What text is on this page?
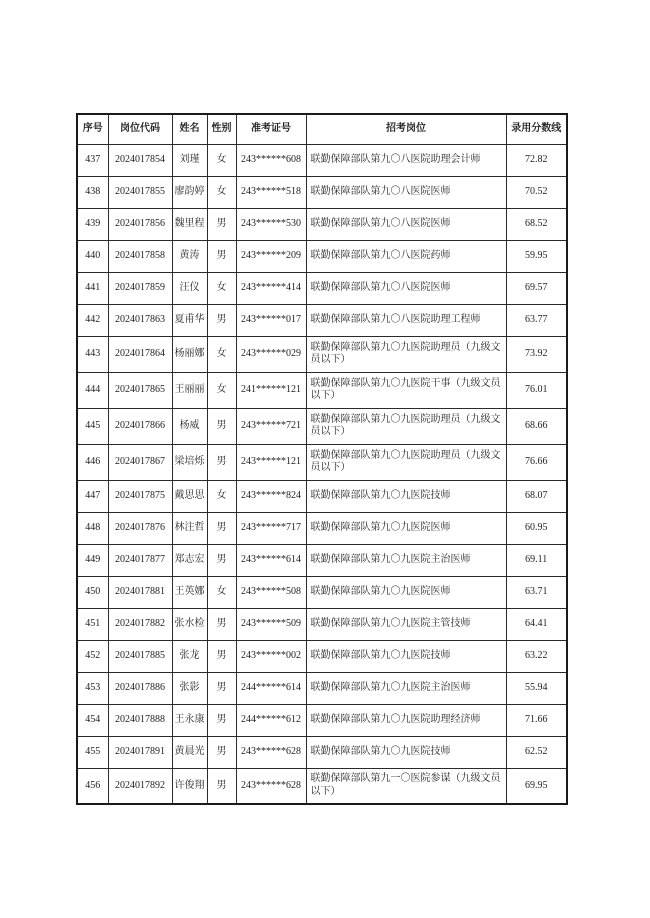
序号	岗位代码	姓名	性别	准考证号	招考岗位	录用分数线
437	2024017854	刘瑾	女	243******608	联勤保障部队第九〇八医院助理会计师	72.82
438	2024017855	廖韵婷	女	243******518	联勤保障部队第九〇八医院医师	70.52
439	2024017856	魏里程	男	243******530	联勤保障部队第九〇八医院医师	68.52
440	2024017858	黄涛	男	243******209	联勤保障部队第九〇八医院药师	59.95
441	2024017859	汪仪	女	243******414	联勤保障部队第九〇八医院医师	69.57
442	2024017863	夏甫华	男	243******017	联勤保障部队第九〇八医院助理工程师	63.77
443	2024017864	杨丽娜	女	243******029	联勤保障部队第九〇九医院助理员（九级文员以下）	73.92
444	2024017865	王丽丽	女	241******121	联勤保障部队第九〇九医院干事（九级文员以下）	76.01
445	2024017866	杨威	男	243******721	联勤保障部队第九〇九医院助理员（九级文员以下）	68.66
446	2024017867	梁培烁	男	243******121	联勤保障部队第九〇九医院助理员（九级文员以下）	76.66
447	2024017875	戴思思	女	243******824	联勤保障部队第九〇九医院技师	68.07
448	2024017876	林注哲	男	243******717	联勤保障部队第九〇九医院医师	60.95
449	2024017877	郑志宏	男	243******614	联勤保障部队第九〇九医院主治医师	69.11
450	2024017881	王英娜	女	243******508	联勤保障部队第九〇九医院医师	63.71
451	2024017882	张水检	男	243******509	联勤保障部队第九〇九医院主管技师	64.41
452	2024017885	张龙	男	243******002	联勤保障部队第九〇九医院技师	63.22
453	2024017886	张影	男	244******614	联勤保障部队第九〇九医院主治医师	55.94
454	2024017888	王永康	男	244******612	联勤保障部队第九〇九医院助理经济师	71.66
455	2024017891	黄晨光	男	243******628	联勤保障部队第九〇九医院技师	62.52
456	2024017892	许俊翔	男	243******628	联勤保障部队第九一〇医院参谋（九级文员以下）	69.95
